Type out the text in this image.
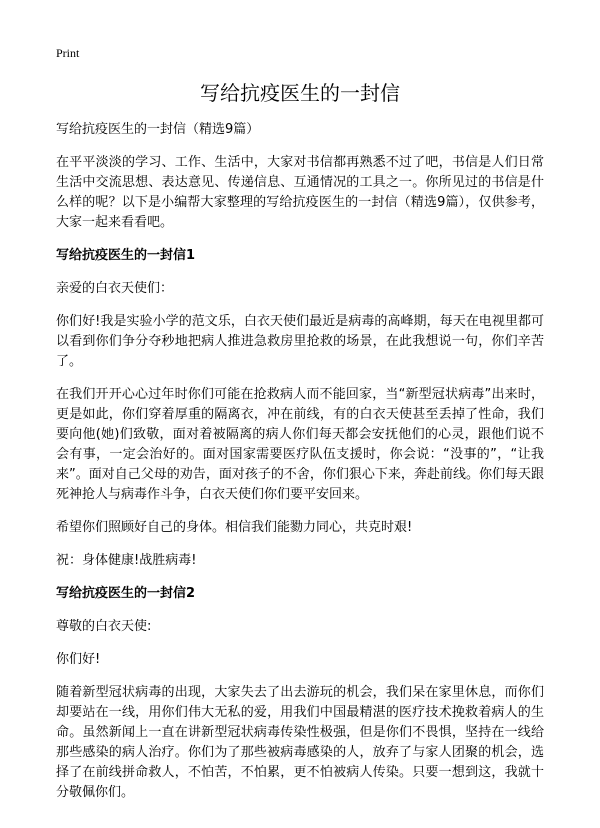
Print
写给抗疫医生的一封信

写给抗疫医生的一封信（精选9篇）

在平平淡淡的学习、工作、生活中，大家对书信都再熟悉不过了吧，书信是人们日常生活中交流思想、表达意见、传递信息、互通情况的工具之一。你所见过的书信是什么样的呢？以下是小编帮大家整理的写给抗疫医生的一封信（精选9篇），仅供参考，大家一起来看看吧。

写给抗疫医生的一封信1

亲爱的白衣天使们：

你们好!我是实验小学的范文乐，白衣天使们最近是病毒的高峰期，每天在电视里都可以看到你们争分夺秒地把病人推进急救房里抢救的场景，在此我想说一句，你们辛苦了。

在我们开开心心过年时你们可能在抢救病人而不能回家，当“新型冠状病毒”出来时，更是如此，你们穿着厚重的隔离衣，冲在前线，有的白衣天使甚至丢掉了性命，我们要向他(她)们致敬，面对着被隔离的病人你们每天都会安抚他们的心灵，跟他们说不会有事，一定会治好的。面对国家需要医疗队伍支援时，你会说：“没事的”，“让我来”。面对自己父母的劝告，面对孩子的不舍，你们狠心下来，奔赴前线。你们每天跟死神抢人与病毒作斗争，白衣天使们你们要平安回来。

希望你们照顾好自己的身体。相信我们能勠力同心，共克时艰!

祝：身体健康!战胜病毒!

写给抗疫医生的一封信2

尊敬的白衣天使:

你们好!

随着新型冠状病毒的出现，大家失去了出去游玩的机会，我们呆在家里休息，而你们却要站在一线，用你们伟大无私的爱，用我们中国最精湛的医疗技术挽救着病人的生命。虽然新闻上一直在讲新型冠状病毒传染性极强，但是你们不畏惧，坚持在一线给那些感染的病人治疗。你们为了那些被病毒感染的人，放弃了与家人团聚的机会，选择了在前线拼命救人，不怕苦，不怕累，更不怕被病人传染。只要一想到这，我就十分敬佩你们。
